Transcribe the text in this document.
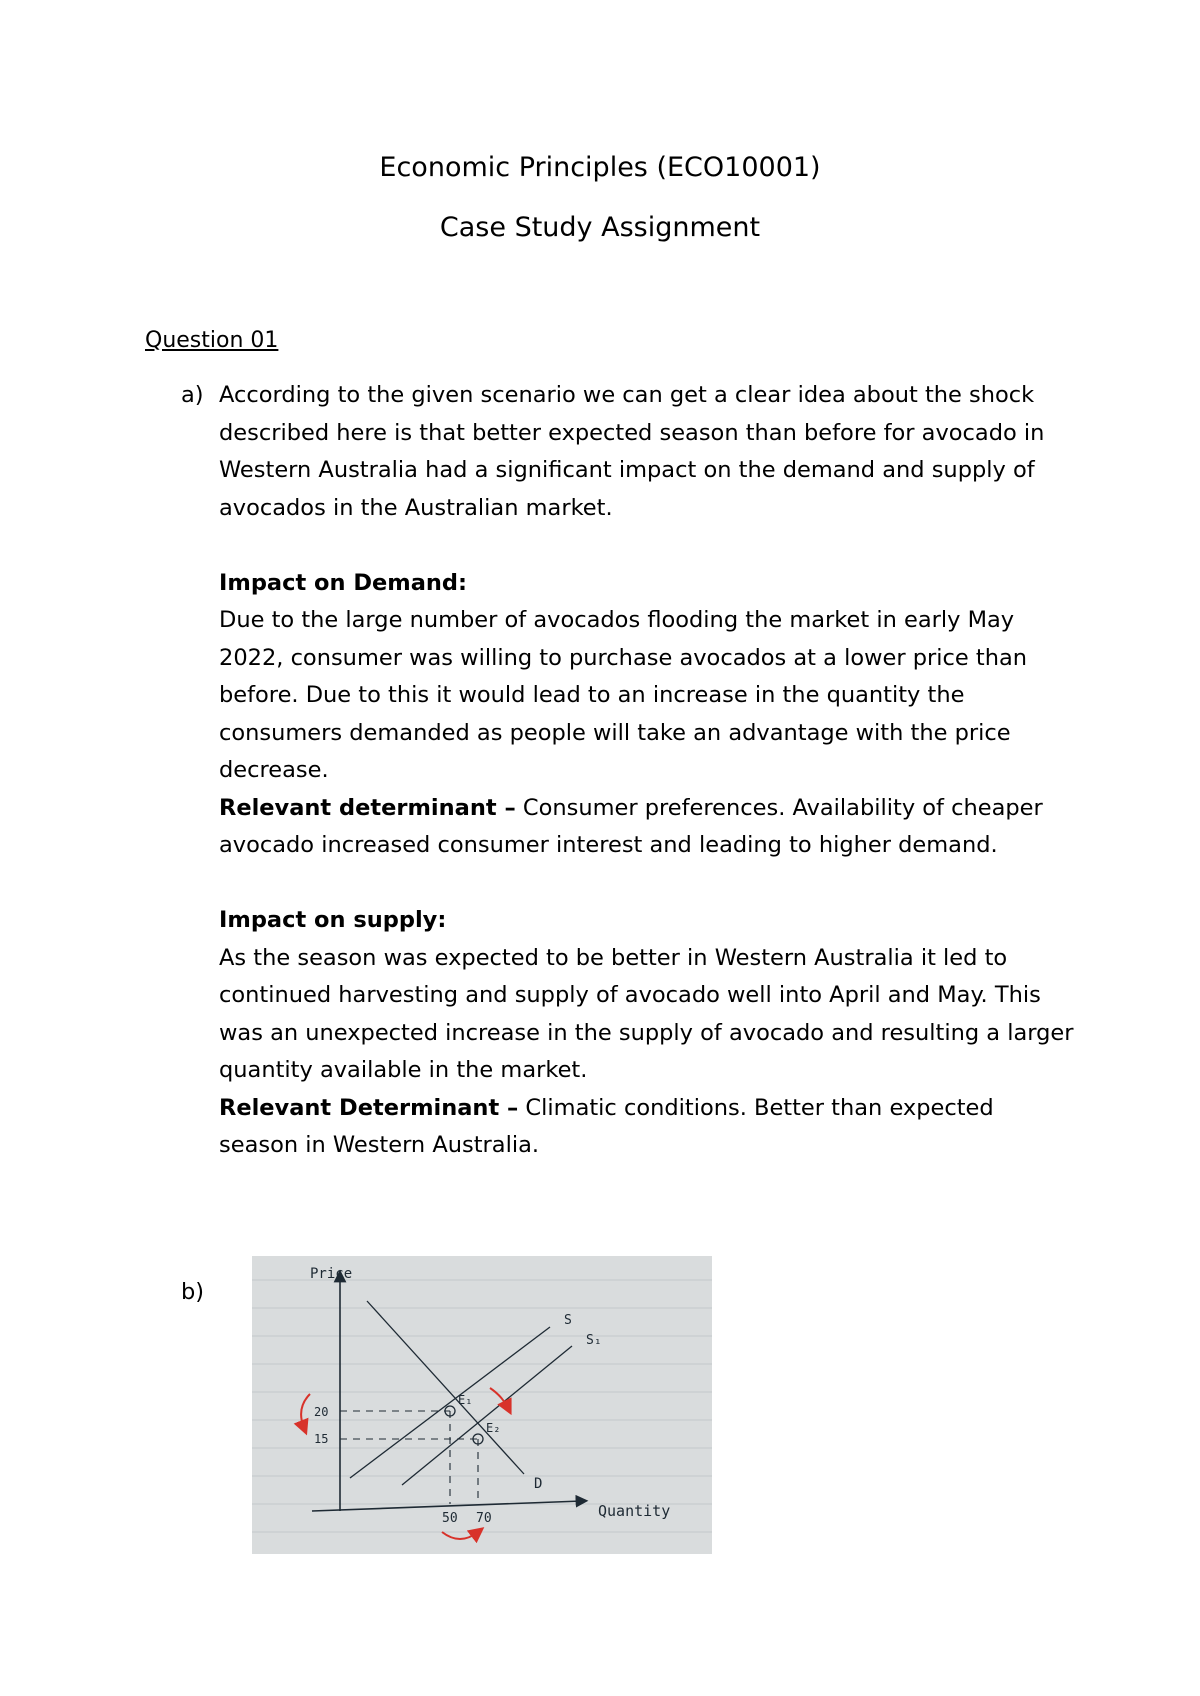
Economic Principles (ECO10001)
Case Study Assignment
Question 01
a) According to the given scenario we can get a clear idea about the shock described here is that better expected season than before for avocado in Western Australia had a significant impact on the demand and supply of avocados in the Australian market.

Impact on Demand:

Due to the large number of avocados flooding the market in early May 2022, consumer was willing to purchase avocados at a lower price than before. Due to this it would lead to an increase in the quantity the consumers demanded as people will take an advantage with the price decrease.

Relevant determinant – Consumer preferences. Availability of cheaper avocado increased consumer interest and leading to higher demand.

Impact on supply:

As the season was expected to be better in Western Australia it led to continued harvesting and supply of avocado well into April and May. This was an unexpected increase in the supply of avocado and resulting a larger quantity available in the market.

Relevant Determinant – Climatic conditions. Better than expected season in Western Australia.

b)
Price
Quantity
S
S₁
D
E₁
E₂
20
15
50 70
